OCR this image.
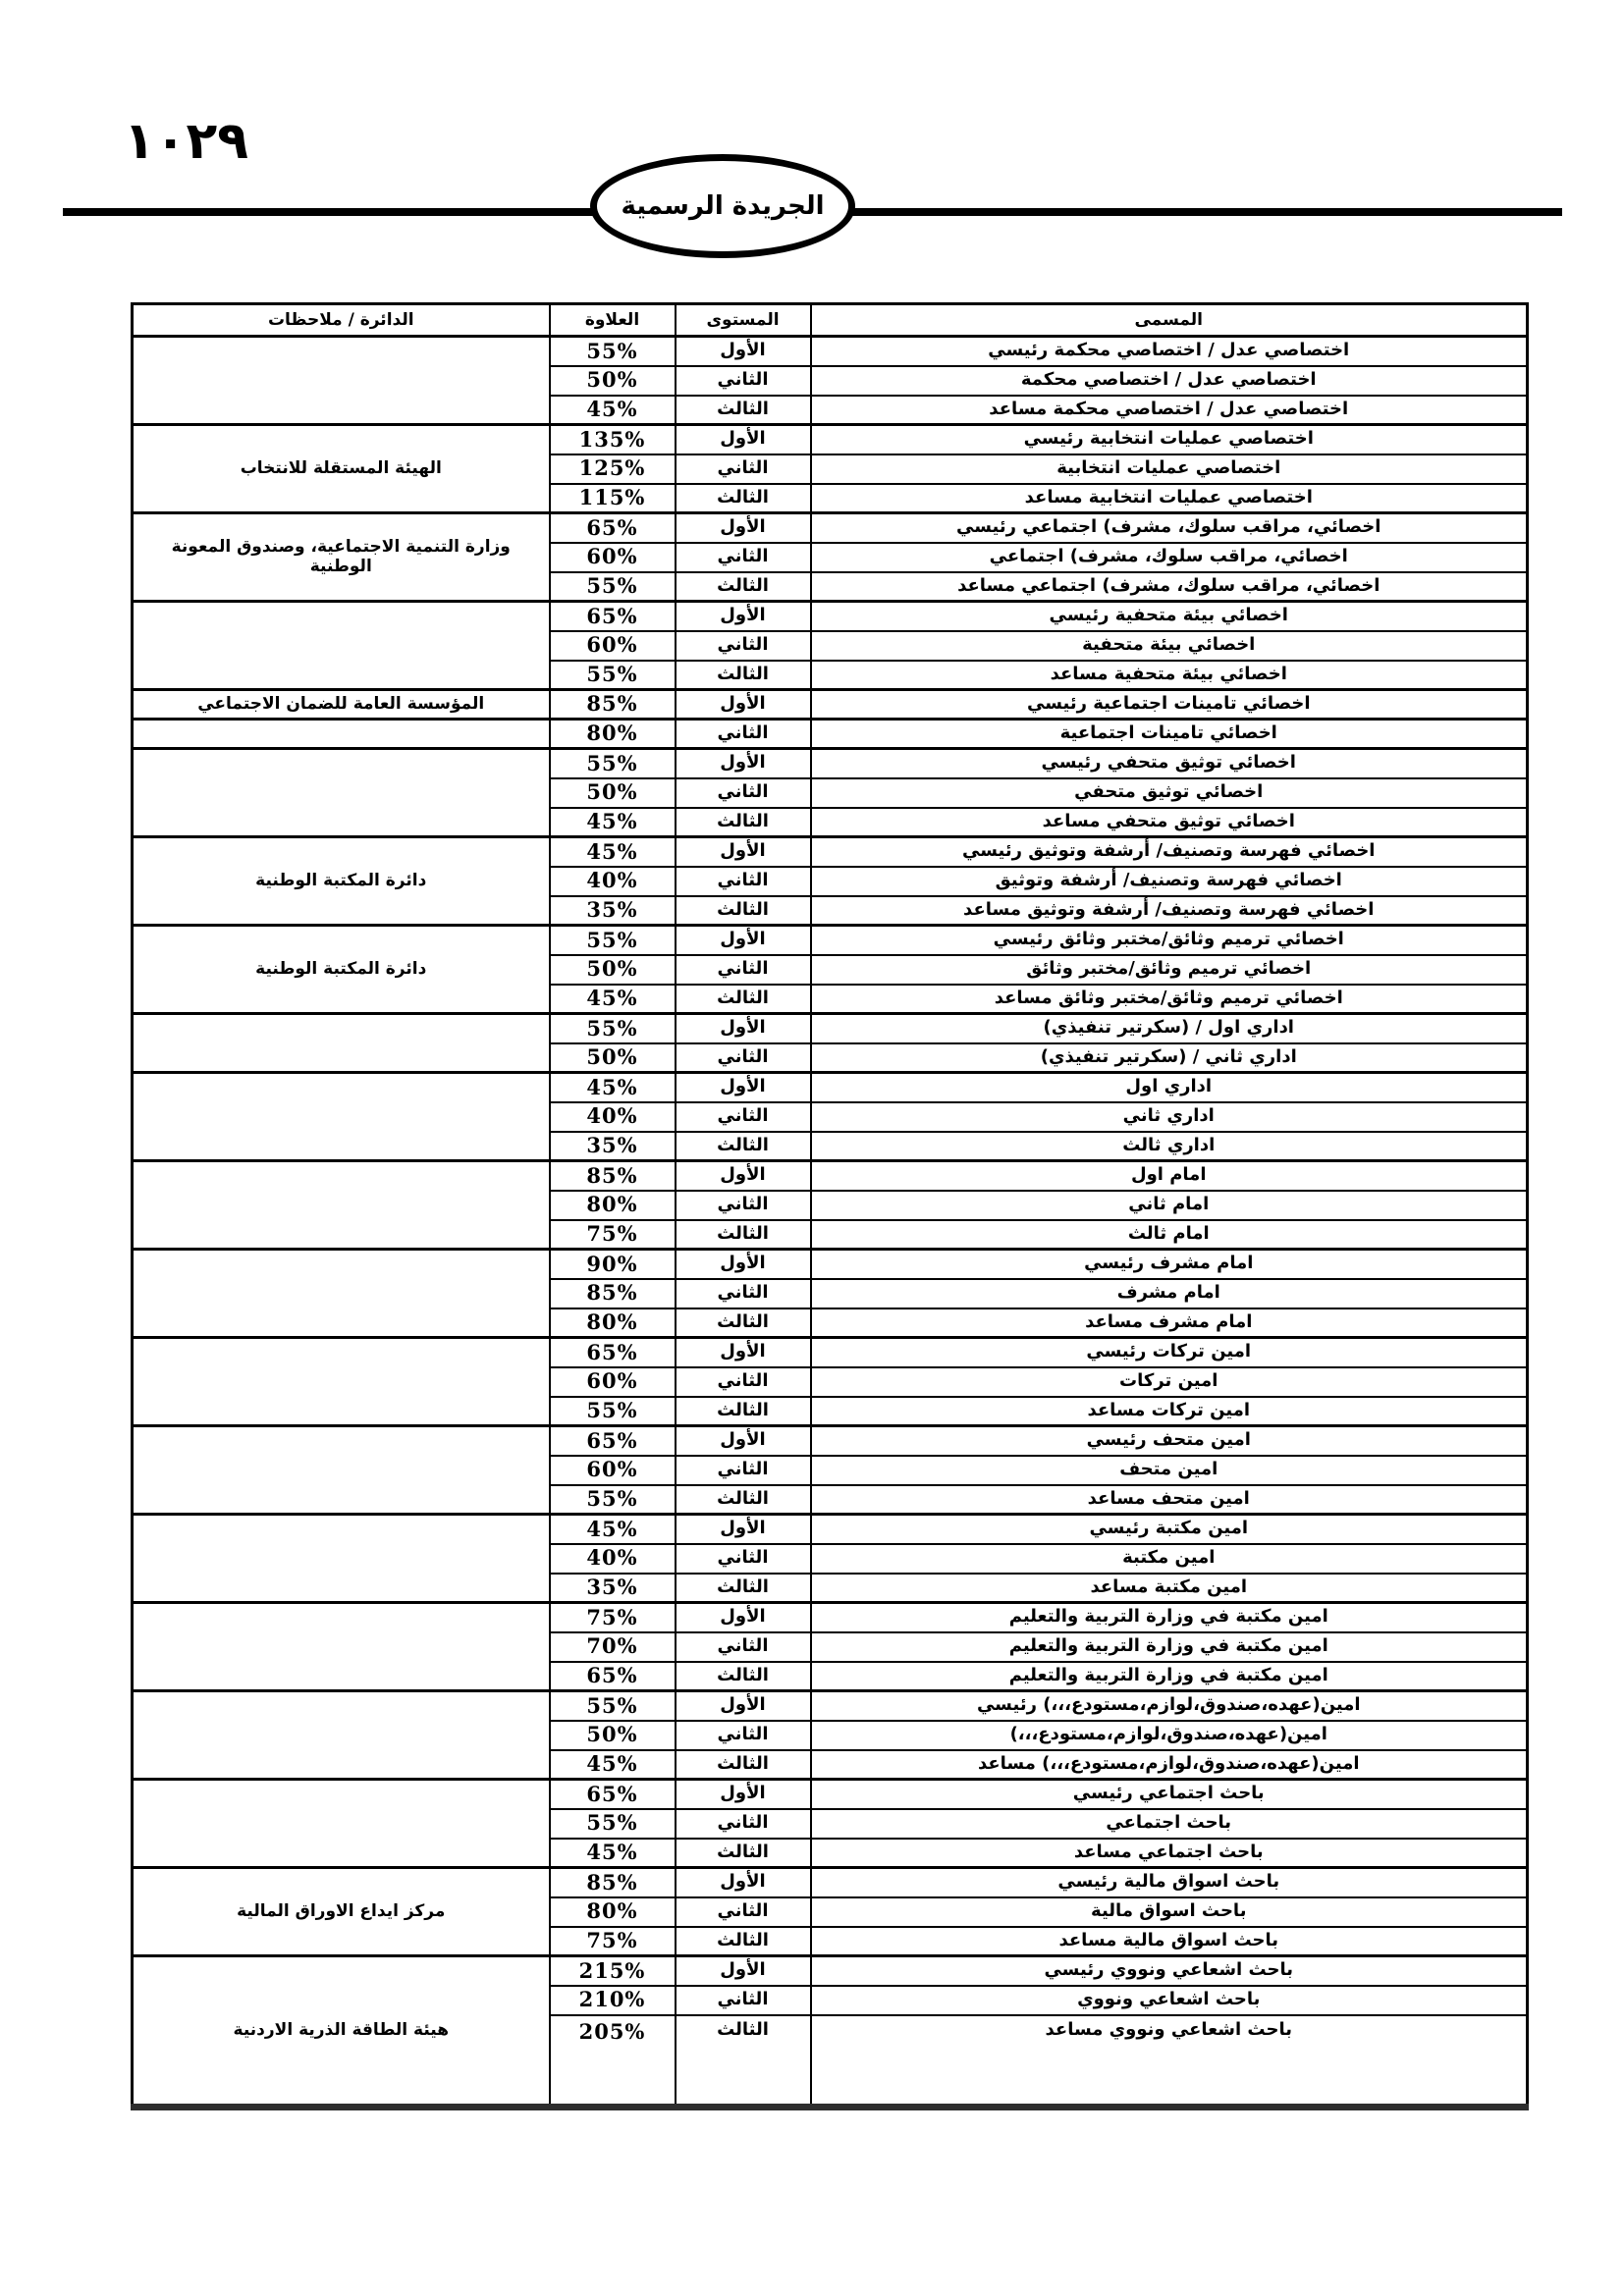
١٠٢٩
الجريدة الرسمية
المسمى	المستوى	العلاوة	الدائرة / ملاحظات
اختصاصي عدل / اختصاصي محكمة رئيسي	الأول	55%	
اختصاصي عدل / اختصاصي محكمة	الثاني	50%	
اختصاصي عدل / اختصاصي محكمة مساعد	الثالث	45%	
اختصاصي عمليات انتخابية رئيسي	الأول	135%	الهيئة المستقلة للانتخاب
اختصاصي عمليات انتخابية	الثاني	125%	
اختصاصي عمليات انتخابية مساعد	الثالث	115%	
اخصائي، مراقب سلوك، مشرف) اجتماعي رئيسي	الأول	65%	وزارة التنمية الاجتماعية، وصندوق المعونة
الوطنية
اخصائي، مراقب سلوك، مشرف) اجتماعي	الثاني	60%	
اخصائي، مراقب سلوك، مشرف) اجتماعي مساعد	الثالث	55%	
اخصائي بيئة متحفية رئيسي	الأول	65%	
اخصائي بيئة متحفية	الثاني	60%	
اخصائي بيئة متحفية مساعد	الثالث	55%	
اخصائي تامينات اجتماعية رئيسي	الأول	85%	المؤسسة العامة للضمان الاجتماعي
اخصائي تامينات اجتماعية	الثاني	80%	
اخصائي توثيق متحفي رئيسي	الأول	55%	
اخصائي توثيق متحفي	الثاني	50%	
اخصائي توثيق متحفي مساعد	الثالث	45%	
اخصائي فهرسة وتصنيف/ أرشفة وتوثيق رئيسي	الأول	45%	دائرة المكتبة الوطنية
اخصائي فهرسة وتصنيف/ أرشفة وتوثيق	الثاني	40%	
اخصائي فهرسة وتصنيف/ أرشفة وتوثيق مساعد	الثالث	35%	
اخصائي ترميم وثائق/مختبر وثائق رئيسي	الأول	55%	دائرة المكتبة الوطنية
اخصائي ترميم وثائق/مختبر وثائق	الثاني	50%	
اخصائي ترميم وثائق/مختبر وثائق مساعد	الثالث	45%	
اداري اول / (سكرتير تنفيذي)	الأول	55%	
اداري ثاني / (سكرتير تنفيذي)	الثاني	50%	
اداري اول	الأول	45%	
اداري ثاني	الثاني	40%	
اداري ثالث	الثالث	35%	
امام اول	الأول	85%	
امام ثاني	الثاني	80%	
امام ثالث	الثالث	75%	
امام مشرف رئيسي	الأول	90%	
امام مشرف	الثاني	85%	
امام مشرف مساعد	الثالث	80%	
امين تركات رئيسي	الأول	65%	
امين تركات	الثاني	60%	
امين تركات مساعد	الثالث	55%	
امين متحف رئيسي	الأول	65%	
امين متحف	الثاني	60%	
امين متحف مساعد	الثالث	55%	
امين مكتبة رئيسي	الأول	45%	
امين مكتبة	الثاني	40%	
امين مكتبة مساعد	الثالث	35%	
امين مكتبة في وزارة التربية والتعليم	الأول	75%	
امين مكتبة في وزارة التربية والتعليم	الثاني	70%	
امين مكتبة في وزارة التربية والتعليم	الثالث	65%	
امين(عهده،صندوق،لوازم،مستودع،،،) رئيسي	الأول	55%	
امين(عهده،صندوق،لوازم،مستودع،،،)	الثاني	50%	
امين(عهده،صندوق،لوازم،مستودع،،،) مساعد	الثالث	45%	
باحث اجتماعي رئيسي	الأول	65%	
باحث اجتماعي	الثاني	55%	
باحث اجتماعي مساعد	الثالث	45%	
باحث اسواق مالية رئيسي	الأول	85%	مركز ايداع الاوراق المالية
باحث اسواق مالية	الثاني	80%	
باحث اسواق مالية مساعد	الثالث	75%	
باحث اشعاعي ونووي رئيسي	الأول	215%	هيئة الطاقة الذرية الاردنية
باحث اشعاعي ونووي	الثاني	210%	
باحث اشعاعي ونووي مساعد	الثالث	205%	
